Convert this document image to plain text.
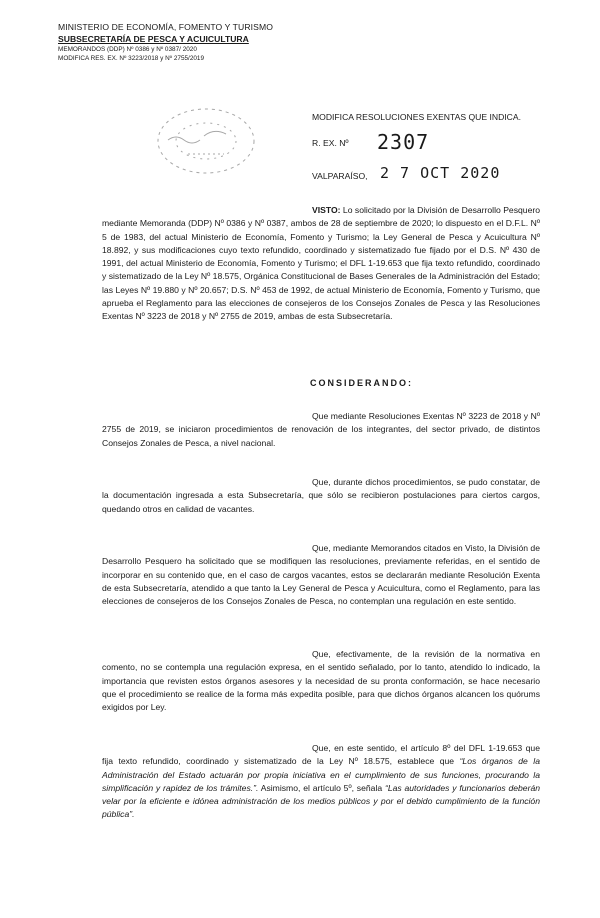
MINISTERIO DE ECONOMÍA, FOMENTO Y TURISMO
SUBSECRETARÍA DE PESCA Y ACUICULTURA
MEMORANDOS (DDP) Nº 0386 y Nº 0387/ 2020
MODIFICA RES. EX. Nº 3223/2018 y Nº 2755/2019
MODIFICA RESOLUCIONES EXENTAS QUE INDICA.
R. EX. Nº 2307
VALPARAÍSO, 2 7 OCT 2020
VISTO: Lo solicitado por la División de Desarrollo Pesquero mediante Memoranda (DDP) Nº 0386 y Nº 0387, ambos de 28 de septiembre de 2020; lo dispuesto en el D.F.L. Nº 5 de 1983, del actual Ministerio de Economía, Fomento y Turismo; la Ley General de Pesca y Acuicultura Nº 18.892, y sus modificaciones cuyo texto refundido, coordinado y sistematizado fue fijado por el D.S. Nº 430 de 1991, del actual Ministerio de Economía, Fomento y Turismo; el DFL 1-19.653 que fija texto refundido, coordinado y sistematizado de la Ley Nº 18.575, Orgánica Constitucional de Bases Generales de la Administración del Estado; las Leyes Nº 19.880 y Nº 20.657; D.S. Nº 453 de 1992, de actual Ministerio de Economía, Fomento y Turismo, que aprueba el Reglamento para las elecciones de consejeros de los Consejos Zonales de Pesca y las Resoluciones Exentas Nº 3223 de 2018 y Nº 2755 de 2019, ambas de esta Subsecretaría.
CONSIDERANDO:
Que mediante Resoluciones Exentas Nº 3223 de 2018 y Nº 2755 de 2019, se iniciaron procedimientos de renovación de los integrantes, del sector privado, de distintos Consejos Zonales de Pesca, a nivel nacional.
Que, durante dichos procedimientos, se pudo constatar, de la documentación ingresada a esta Subsecretaría, que sólo se recibieron postulaciones para ciertos cargos, quedando otros en calidad de vacantes.
Que, mediante Memorandos citados en Visto, la División de Desarrollo Pesquero ha solicitado que se modifiquen las resoluciones, previamente referidas, en el sentido de incorporar en su contenido que, en el caso de cargos vacantes, estos se declararán mediante Resolución Exenta de esta Subsecretaría, atendido a que tanto la Ley General de Pesca y Acuicultura, como el Reglamento, para las elecciones de consejeros de los Consejos Zonales de Pesca, no contemplan una regulación en este sentido.
Que, efectivamente, de la revisión de la normativa en comento, no se contempla una regulación expresa, en el sentido señalado, por lo tanto, atendido lo indicado, la importancia que revisten estos órganos asesores y la necesidad de su pronta conformación, se hace necesario que el procedimiento se realice de la forma más expedita posible, para que dichos órganos alcancen los quórums exigidos por Ley.
Que, en este sentido, el artículo 8º del DFL 1-19.653 que fija texto refundido, coordinado y sistematizado de la Ley Nº 18.575, establece que “Los órganos de la Administración del Estado actuarán por propia iniciativa en el cumplimiento de sus funciones, procurando la simplificación y rapidez de los trámites.”. Asimismo, el artículo 5º, señala “Las autoridades y funcionarios deberán velar por la eficiente e idónea administración de los medios públicos y por el debido cumplimiento de la función pública”.
